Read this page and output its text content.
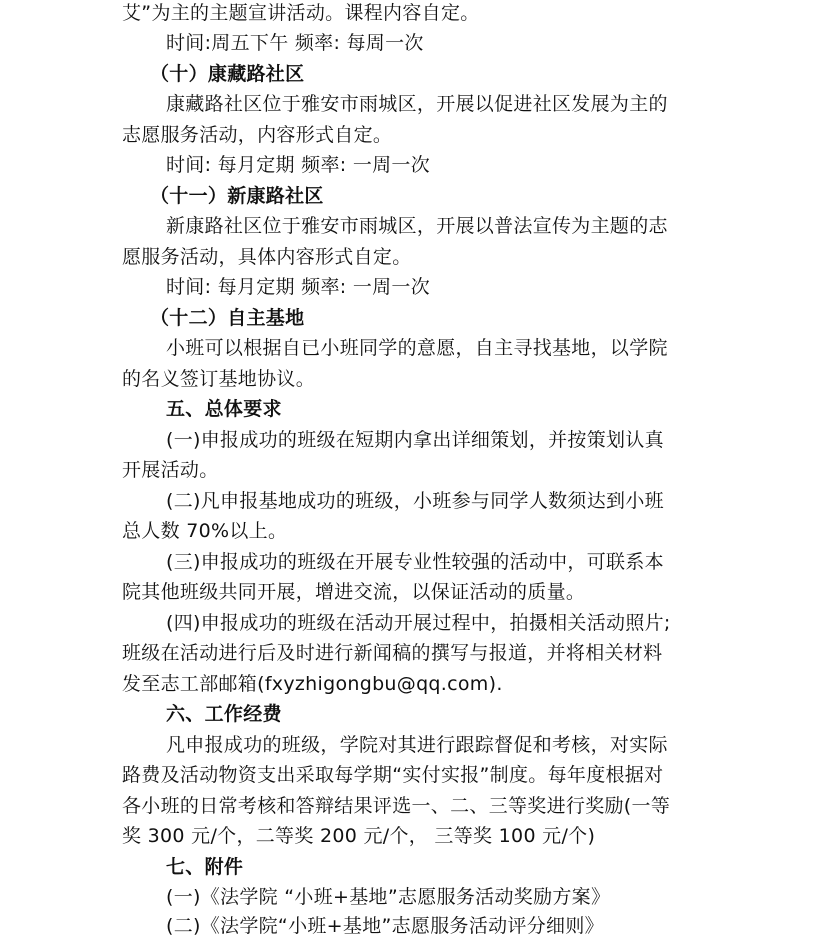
艾”为主的主题宣讲活动。课程内容自定。
时间:周五下午 频率: 每周一次
（十）康藏路社区
康藏路社区位于雅安市雨城区，开展以促进社区发展为主的
志愿服务活动，内容形式自定。
时间: 每月定期 频率: 一周一次
（十一）新康路社区
新康路社区位于雅安市雨城区，开展以普法宣传为主题的志
愿服务活动，具体内容形式自定。
时间: 每月定期 频率: 一周一次
（十二）自主基地
小班可以根据自已小班同学的意愿，自主寻找基地，以学院
的名义签订基地协议。
五、总体要求
(一)申报成功的班级在短期内拿出详细策划，并按策划认真
开展活动。
(二)凡申报基地成功的班级，小班参与同学人数须达到小班
总人数 70%以上。
(三)申报成功的班级在开展专业性较强的活动中，可联系本
院其他班级共同开展，增进交流，以保证活动的质量。
(四)申报成功的班级在活动开展过程中，拍摄相关活动照片;
班级在活动进行后及时进行新闻稿的撰写与报道，并将相关材料
发至志工部邮箱(fxyzhigongbu@qq.com).
六、工作经费
凡申报成功的班级，学院对其进行跟踪督促和考核，对实际
路费及活动物资支出采取每学期“实付实报”制度。每年度根据对
各小班的日常考核和答辩结果评选一、二、三等奖进行奖励(一等
奖 300 元/个，二等奖 200 元/个， 三等奖 100 元/个)
七、附件
(一)《法学院 “小班+基地”志愿服务活动奖励方案》
(二)《法学院“小班+基地”志愿服务活动评分细则》
